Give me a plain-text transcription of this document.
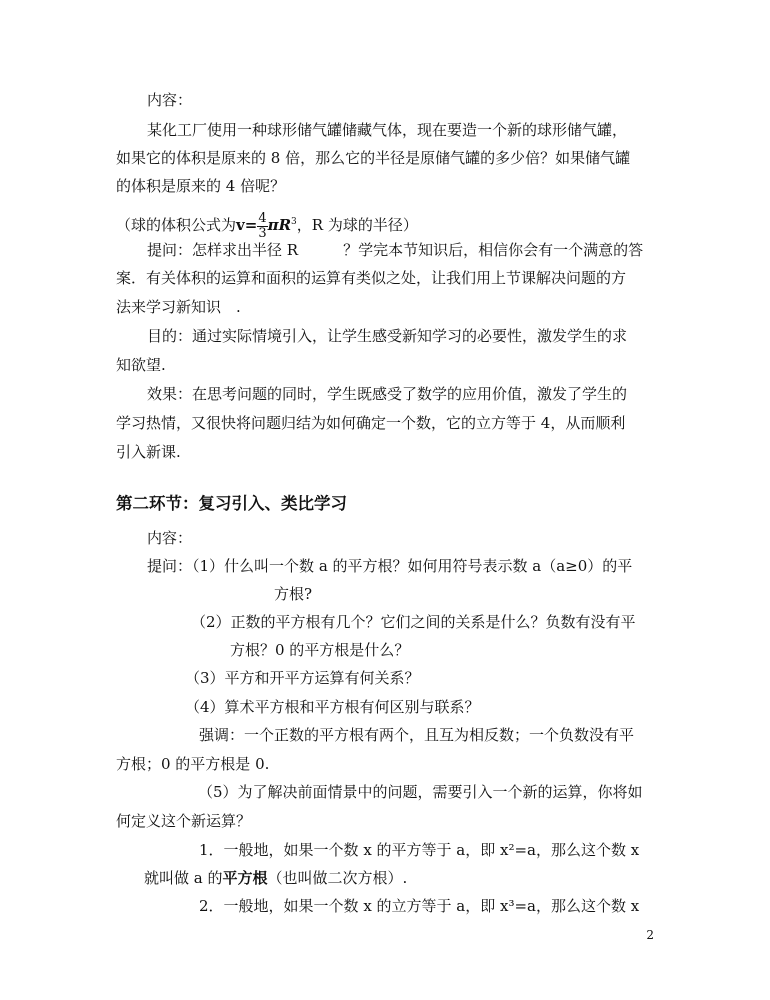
内容：
某化工厂使用一种球形储气罐储藏气体，现在要造一个新的球形储气罐，
如果它的体积是原来的 8 倍，那么它的半径是原储气罐的多少倍？如果储气罐
的体积是原来的 4 倍呢？
（球的体积公式为$v= \frac{4}{3} \pi R^3$，R 为球的半径）
提问：怎样求出半径 R　　　？学完本节知识后，相信你会有一个满意的答
案．有关体积的运算和面积的运算有类似之处，让我们用上节课解决问题的方
法来学习新知识　.
目的：通过实际情境引入，让学生感受新知学习的必要性，激发学生的求
知欲望.
效果：在思考问题的同时，学生既感受了数学的应用价值，激发了学生的
学习热情，又很快将问题归结为如何确定一个数，它的立方等于 4，从而顺利
引入新课.
第二环节：复习引入、类比学习
内容：
提问：（1）什么叫一个数 a 的平方根？如何用符号表示数 a（a≥0）的平
方根?
（2）正数的平方根有几个？它们之间的关系是什么？负数有没有平
方根？0 的平方根是什么？
（3）平方和开平方运算有何关系？
（4）算术平方根和平方根有何区别与联系？
强调：一个正数的平方根有两个，且互为相反数；一个负数没有平
方根；0 的平方根是 0.
（5）为了解决前面情景中的问题，需要引入一个新的运算，你将如
何定义这个新运算？
1．一般地，如果一个数 x 的平方等于 a，即 x²=a，那么这个数 x
就叫做 a 的平方根（也叫做二次方根）.
2．一般地，如果一个数 x 的立方等于 a，即 x³=a，那么这个数 x
2
